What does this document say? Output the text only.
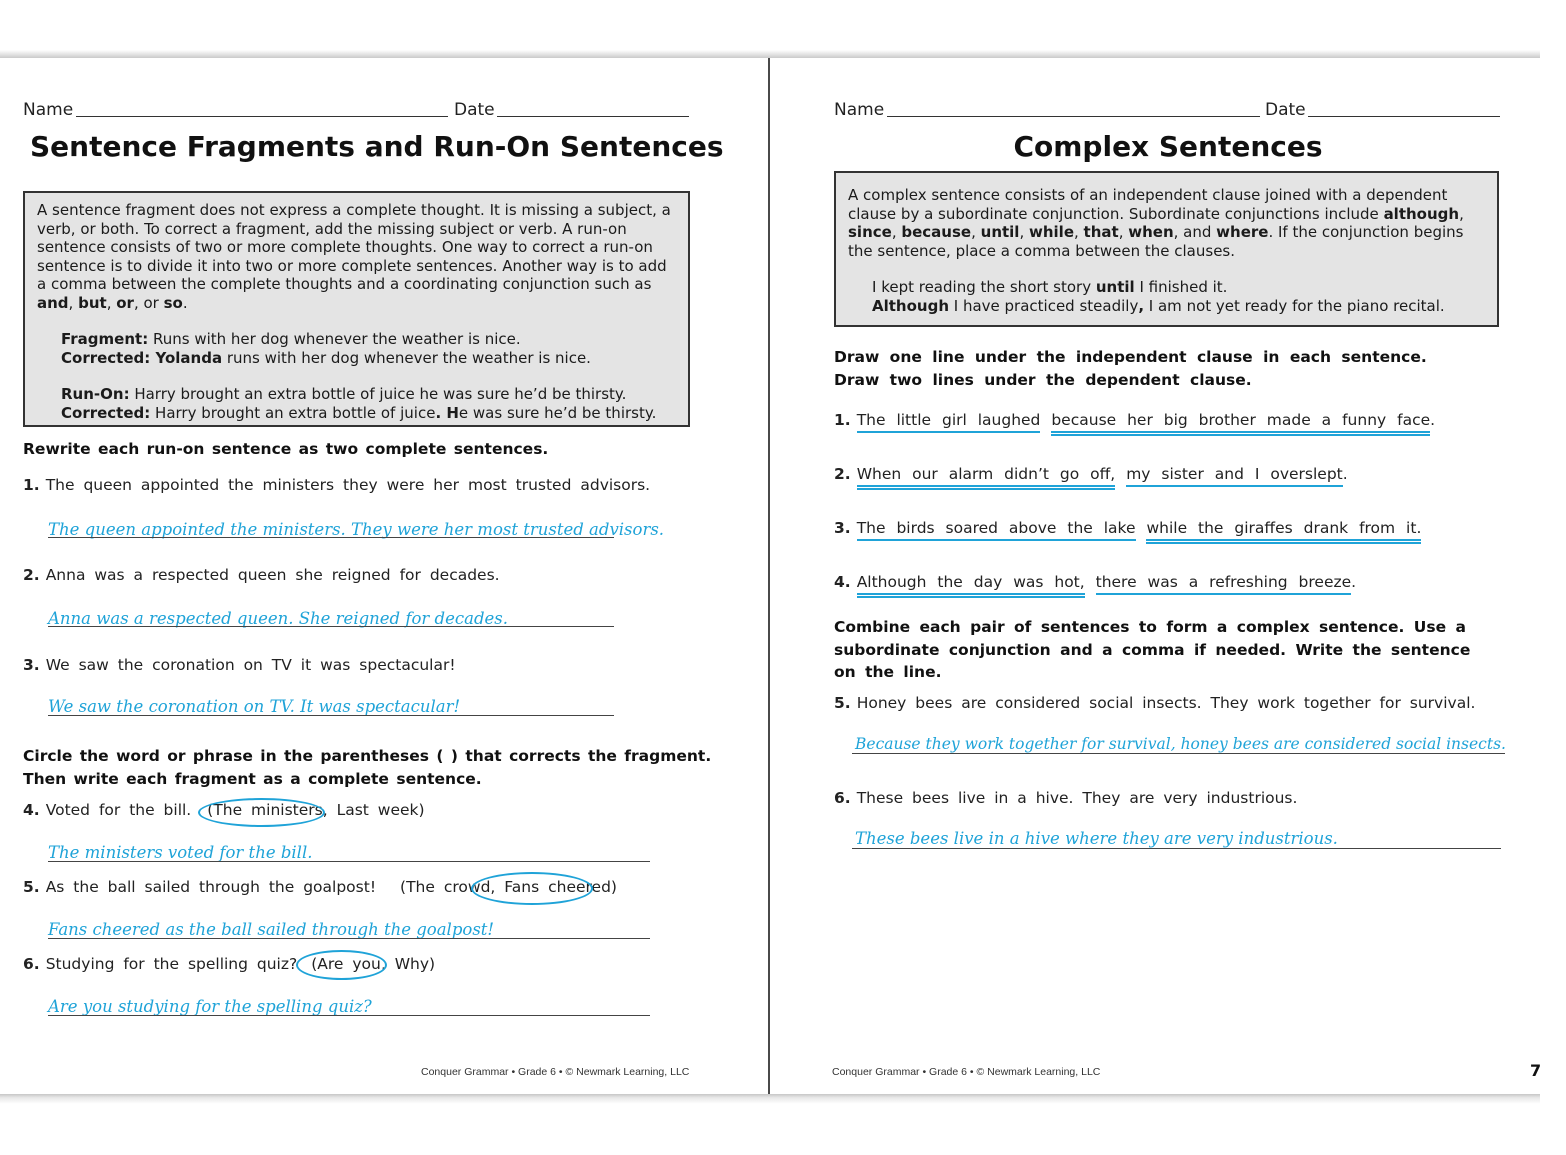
Name	Date
Sentence Fragments and Run-On Sentences

A sentence fragment does not express a complete thought. It is missing a subject, a verb, or both. To correct a fragment, add the missing subject or verb. A run-on sentence consists of two or more complete thoughts. One way to correct a run-on sentence is to divide it into two or more complete sentences. Another way is to add a comma between the complete thoughts and a coordinating conjunction such as and, but, or, or so.

Fragment: Runs with her dog whenever the weather is nice.

Corrected: Yolanda runs with her dog whenever the weather is nice.

Run-On: Harry brought an extra bottle of juice he was sure he’d be thirsty.

Corrected: Harry brought an extra bottle of juice. He was sure he’d be thirsty.

Rewrite each run-on sentence as two complete sentences.
1. The queen appointed the ministers they were her most trusted advisors.
The queen appointed the ministers. They were her most trusted advisors.
2. Anna was a respected queen she reigned for decades.
Anna was a respected queen. She reigned for decades.
3. We saw the coronation on TV it was spectacular!
We saw the coronation on TV. It was spectacular!
Circle the word or phrase in the parentheses ( ) that corrects the fragment.
Then write each fragment as a complete sentence.
4. Voted for the bill. (The ministers, Last week)
The ministers voted for the bill.
5. As the ball sailed through the goalpost! (The crowd, Fans cheered)
Fans cheered as the ball sailed through the goalpost!
6. Studying for the spelling quiz? (Are you, Why)
Are you studying for the spelling quiz?
Conquer Grammar • Grade 6 • © Newmark Learning, LLC
Name	Date
Complex Sentences

A complex sentence consists of an independent clause joined with a dependent clause by a subordinate conjunction. Subordinate conjunctions include although, since, because, until, while, that, when, and where. If the conjunction begins the sentence, place a comma between the clauses.

I kept reading the short story until I finished it.

Although I have practiced steadily, I am not yet ready for the piano recital.

Draw one line under the independent clause in each sentence.
Draw two lines under the dependent clause.
1. The little girl laughed because her big brother made a funny face.
2. When our alarm didn’t go off, my sister and I overslept.
3. The birds soared above the lake while the giraffes drank from it.
4. Although the day was hot, there was a refreshing breeze.
Combine each pair of sentences to form a complex sentence. Use a
subordinate conjunction and a comma if needed. Write the sentence
on the line.
5. Honey bees are considered social insects. They work together for survival.
Because they work together for survival, honey bees are considered social insects.
6. These bees live in a hive. They are very industrious.
These bees live in a hive where they are very industrious.
Conquer Grammar • Grade 6 • © Newmark Learning, LLC	7
